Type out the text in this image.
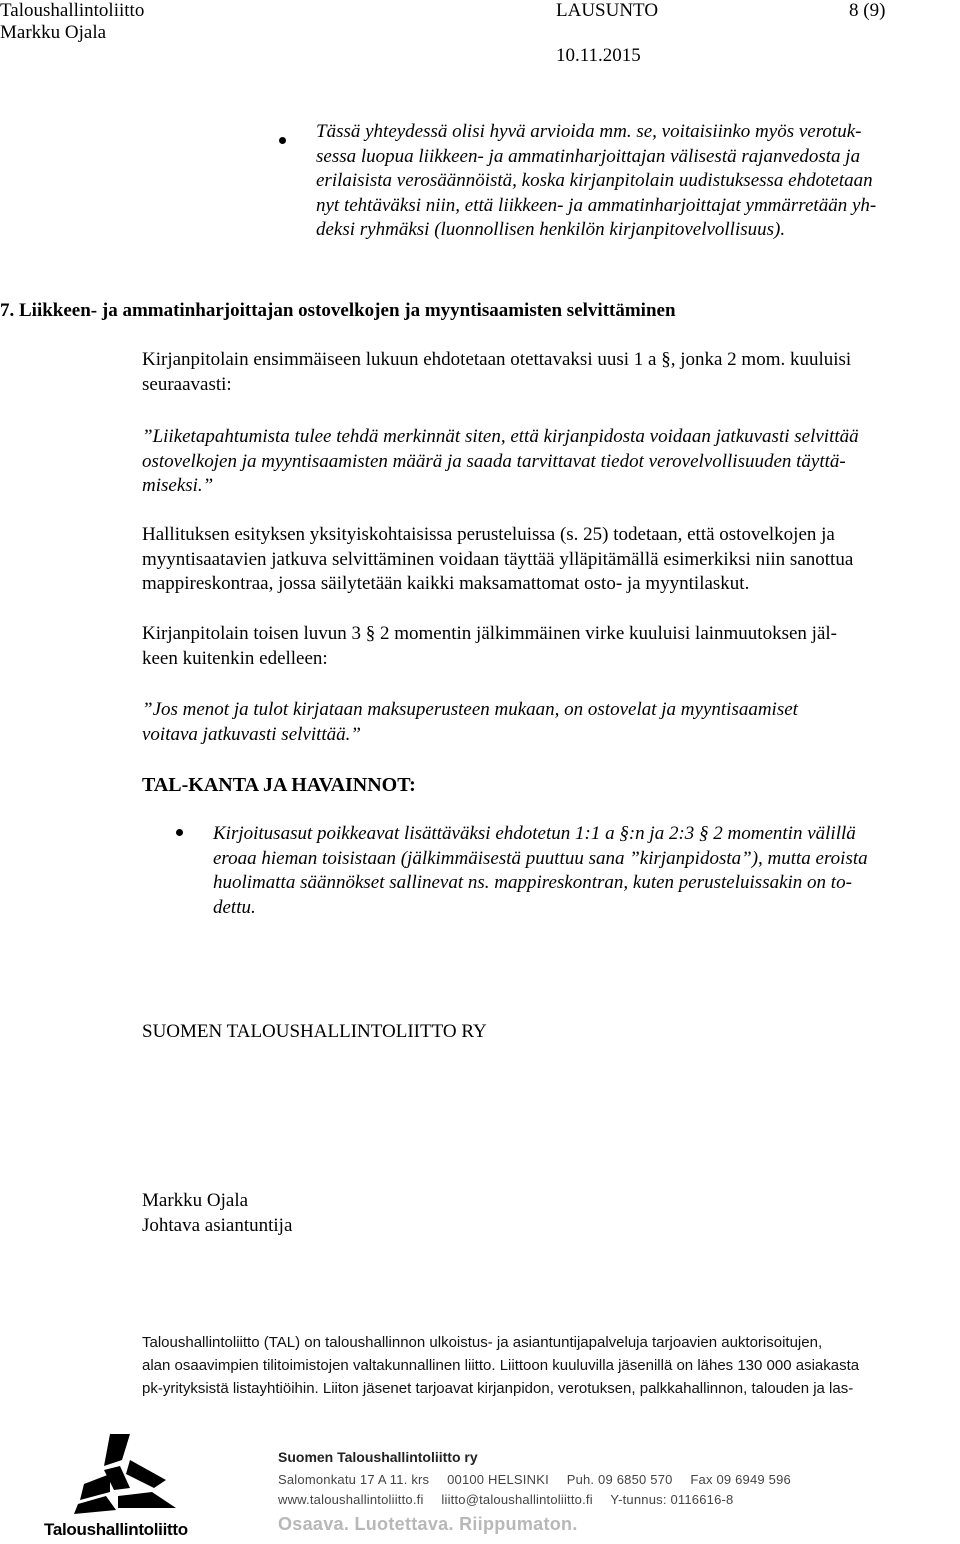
Taloushallintoliitto
Markku Ojala
LAUSUNTO
10.11.2015
8 (9)

Tässä yhteydessä olisi hyvä arvioida mm. se, voitaisiinko myös verotuk-

sessa luopua liikkeen- ja ammatinharjoittajan välisestä rajanvedosta ja

erilaisista verosäännöistä, koska kirjanpitolain uudistuksessa ehdotetaan

nyt tehtäväksi niin, että liikkeen- ja ammatinharjoittajat ymmärretään yh-

deksi ryhmäksi (luonnollisen henkilön kirjanpitovelvollisuus).

7. Liikkeen- ja ammatinharjoittajan ostovelkojen ja myyntisaamisten selvittäminen

Kirjanpitolain ensimmäiseen lukuun ehdotetaan otettavaksi uusi 1 a §, jonka 2 mom. kuuluisi

seuraavasti:

”Liiketapahtumista tulee tehdä merkinnät siten, että kirjanpidosta voidaan jatkuvasti selvittää

ostovelkojen ja myyntisaamisten määrä ja saada tarvittavat tiedot verovelvollisuuden täyttä-

miseksi.”

Hallituksen esityksen yksityiskohtaisissa perusteluissa (s. 25) todetaan, että ostovelkojen ja

myyntisaatavien jatkuva selvittäminen voidaan täyttää ylläpitämällä esimerkiksi niin sanottua

mappireskontraa, jossa säilytetään kaikki maksamattomat osto- ja myyntilaskut.

Kirjanpitolain toisen luvun 3 § 2 momentin jälkimmäinen virke kuuluisi lainmuutoksen jäl-

keen kuitenkin edelleen:

”Jos menot ja tulot kirjataan maksuperusteen mukaan, on ostovelat ja myyntisaamiset

voitava jatkuvasti selvittää.”

TAL-KANTA JA HAVAINNOT:

Kirjoitusasut poikkeavat lisättäväksi ehdotetun 1:1 a §:n ja 2:3 § 2 momentin välillä

eroaa hieman toisistaan (jälkimmäisestä puuttuu sana ”kirjanpidosta”), mutta eroista

huolimatta säännökset sallinevat ns. mappireskontran, kuten perusteluissakin on to-

dettu.

SUOMEN TALOUSHALLINTOLIITTO RY
Markku Ojala
Johtava asiantuntija

Taloushallintoliitto (TAL) on taloushallinnon ulkoistus- ja asiantuntijapalveluja tarjoavien auktorisoitujen,

alan osaavimpien tilitoimistojen valtakunnallinen liitto. Liittoon kuuluvilla jäsenillä on lähes 130 000 asiakasta

pk-yrityksistä listayhtiöihin. Liiton jäsenet tarjoavat kirjanpidon, verotuksen, palkkahallinnon, talouden ja las-

Taloushallintoliitto
Suomen Taloushallintoliitto ry
Salomonkatu 17 A 11. krs 00100 HELSINKI Puh. 09 6850 570 Fax 09 6949 596
www.taloushallintoliitto.fi liitto@taloushallintoliitto.fi Y-tunnus: 0116616-8
Osaava. Luotettava. Riippumaton.
